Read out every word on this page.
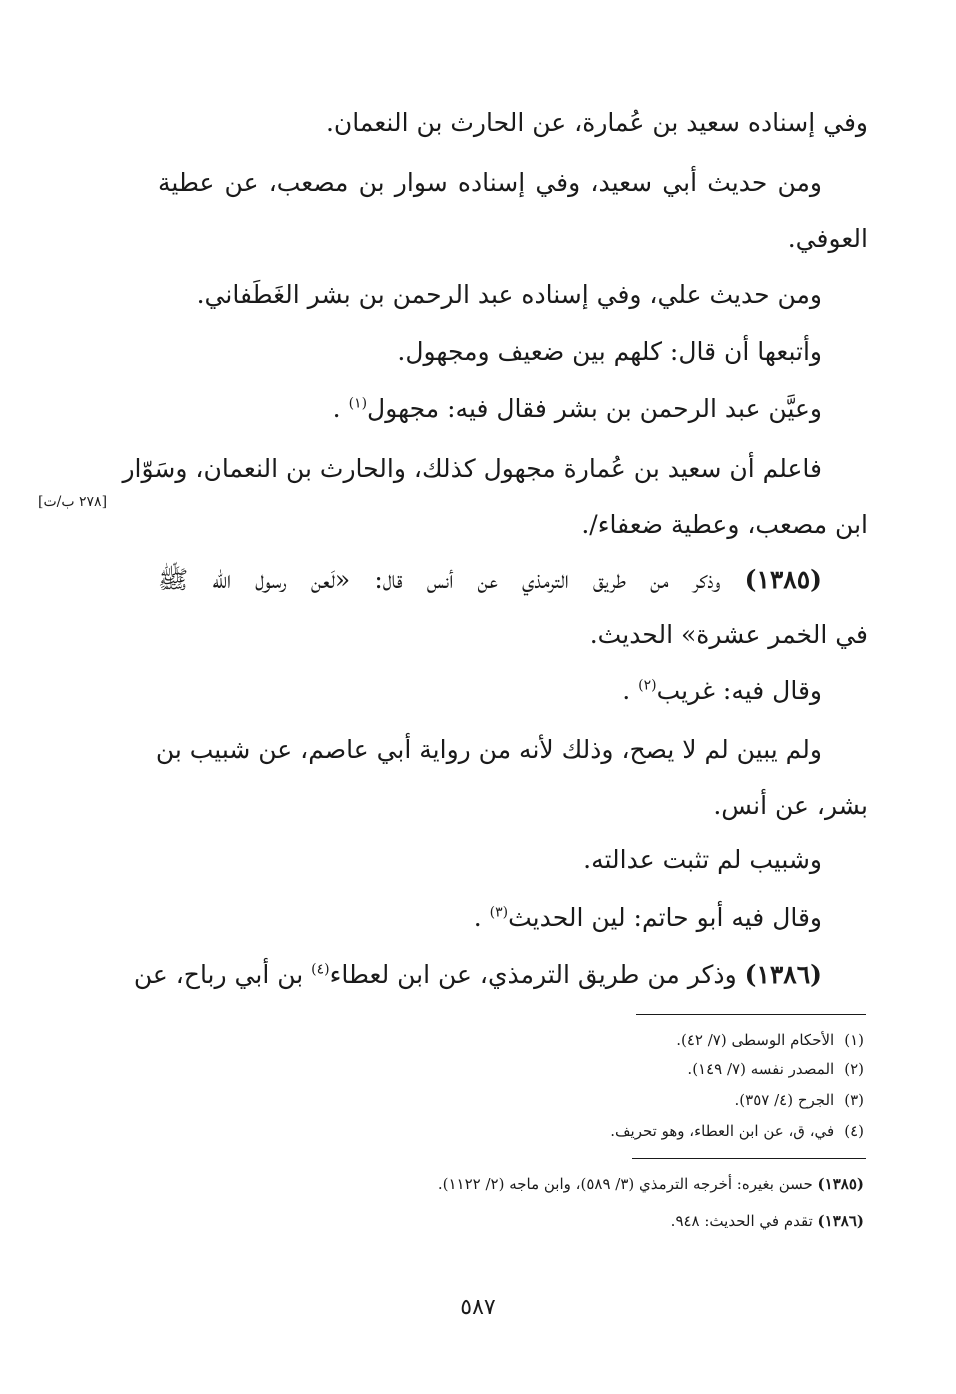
وفي إسناده سعيد بن عُمارة، عن الحارث بن النعمان.
ومن حديث أبي سعيد، وفي إسناده سوار بن مصعب، عن عطية
العوفي.
ومن حديث علي، وفي إسناده عبد الرحمن بن بشر الغَطَفاني.
وأتبعها أن قال: كلهم بين ضعيف ومجهول.
وعيَّن عبد الرحمن بن بشر فقال فيه: مجهول$^{(١)}$ .
فاعلم أن سعيد بن عُمارة مجهول كذلك، والحارث بن النعمان، وسَوّار
[٢٧٨ ب/ت]
ابن مصعب، وعطية ضعفاء/.
(١٣٨٥) وذكر من طريق الترمذي عن أنس قال: «لَعن رسول الله ﷺ
في الخمر عشرة» الحديث.
وقال فيه: غريب$^{(٢)}$ .
ولم يبين لم لا يصح، وذلك لأنه من رواية أبي عاصم، عن شبيب بن
بشر، عن أنس.
وشبيب لم تثبت عدالته.
وقال فيه أبو حاتم: لين الحديث$^{(٣)}$ .
(١٣٨٦) وذكر من طريق الترمذي، عن ابن لعطاء$^{(٤)}$ بن أبي رباح، عن
(١)الأحكام الوسطى (٧/ ٤٢).
(٢)المصدر نفسه (٧/ ١٤٩).
(٣)الجرح (٤/ ٣٥٧).
(٤)في، ق، عن ابن العطاء، وهو تحريف.
(١٣٨٥) حسن بغيره: أخرجه الترمذي (٣/ ٥٨٩)، وابن ماجه (٢/ ١١٢٢).
(١٣٨٦) تقدم في الحديث: ٩٤٨.
٥٨٧
